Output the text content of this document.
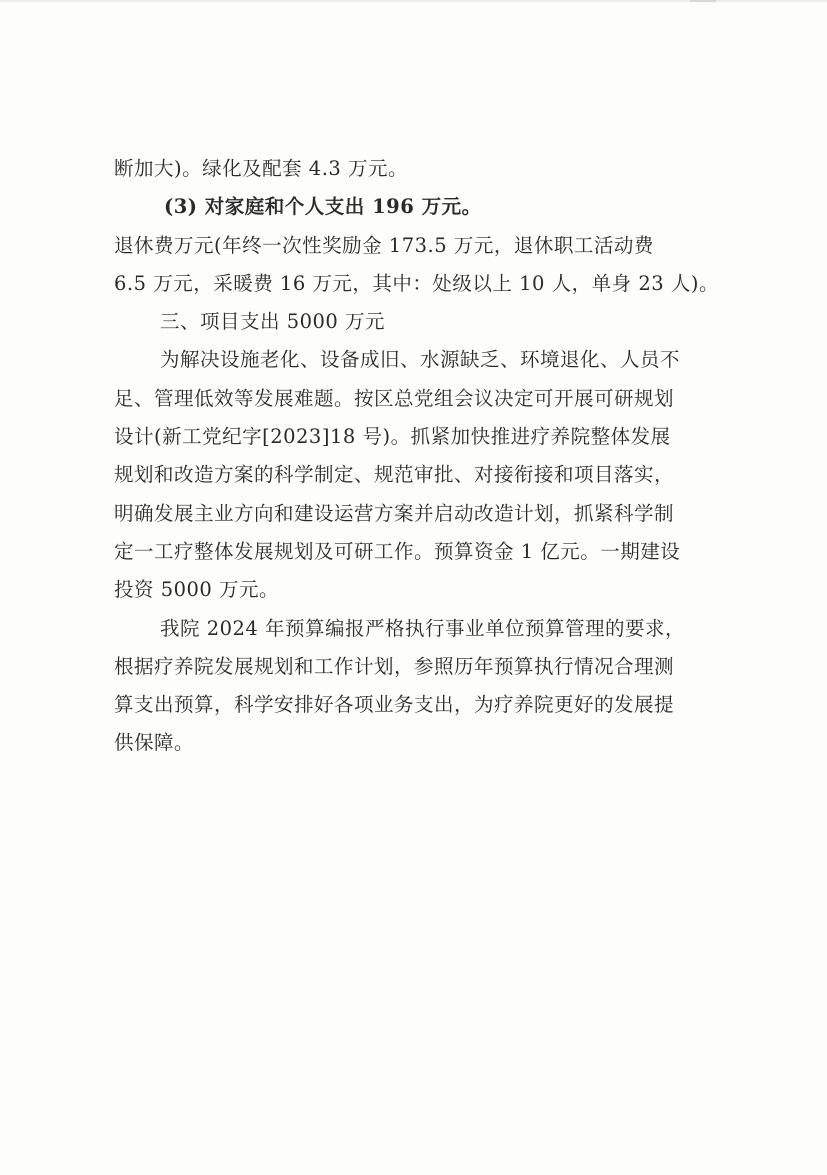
断加大)。绿化及配套 4.3 万元。
(3) 对家庭和个人支出 196 万元。
退休费万元(年终一次性奖励金 173.5 万元，退休职工活动费
6.5 万元，采暖费 16 万元，其中：处级以上 10 人，单身 23 人)。
三、项目支出 5000 万元
为解决设施老化、设备成旧、水源缺乏、环境退化、人员不
足、管理低效等发展难题。按区总党组会议决定可开展可研规划
设计(新工党纪字[2023]18 号)。抓紧加快推进疗养院整体发展
规划和改造方案的科学制定、规范审批、对接衔接和项目落实，
明确发展主业方向和建设运营方案并启动改造计划，抓紧科学制
定一工疗整体发展规划及可研工作。预算资金 1 亿元。一期建设
投资 5000 万元。
我院 2024 年预算编报严格执行事业单位预算管理的要求，
根据疗养院发展规划和工作计划，参照历年预算执行情况合理测
算支出预算，科学安排好各项业务支出，为疗养院更好的发展提
供保障。
